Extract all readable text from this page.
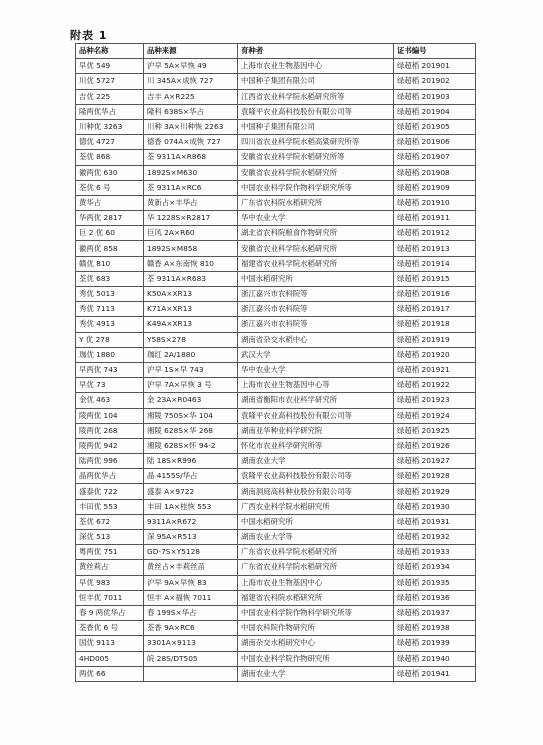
附表 1
品种名称	品种来源	育种者	证书编号
早优 549	沪早 5A×早恢 49	上海市农业生物基因中心	绿超稻 201901
川优 5727	川 345A×成恢 727	中国种子集团有限公司	绿超稻 201902
吉优 225	吉丰 A×R225	江西省农业科学院水稻研究所等	绿超稻 201903
隆两优华占	隆科 638S×华占	袁隆平农业高科技股份有限公司等	绿超稻 201904
川种优 3263	川种 3A×川种恢 2263	中国种子集团有限公司	绿超稻 201905
德优 4727	德香 074A×成恢 727	四川省农业科学院水稻高粱研究所等	绿超稻 201906
荃优 868	荃 9311A×R868	安徽省农业科学院水稻研究所等	绿超稻 201907
徽两优 630	1892S×M630	安徽省农业科学院水稻研究所	绿超稻 201908
荃优 6 号	荃 9311A×RC6	中国农业科学院作物科学研究所等	绿超稻 201909
黄华占	黄新占×丰华占	广东省农科院水稻研究所	绿超稻 201910
华两优 2817	华 1228S×R2817	华中农业大学	绿超稻 201911
巨 2 优 60	巨风 2A×R60	湖北省农科院粮食作物研究所	绿超稻 201912
徽两优 858	1892S×M858	安徽省农业科学院水稻研究所	绿超稻 201913
赣优 810	赣香 A×东南恢 810	福建省农业科学院水稻研究所	绿超稻 201914
荃优 683	荃 9311A×R683	中国水稻研究所	绿超稻 201915
秀优 5013	K50A×XR13	浙江嘉兴市农科院等	绿超稻 201916
秀优 7113	K71A×XR13	浙江嘉兴市农科院等	绿超稻 201917
秀优 4913	K49A×XR13	浙江嘉兴市农科院等	绿超稻 201918
Y 优 278	Y58S×278	湖南省杂交水稻中心	绿超稻 201919
珈优 1880	珈红 2A/1880	武汉大学	绿超稻 201920
早两优 743	沪早 1S×早 743	华中农业大学	绿超稻 201921
早优 73	沪早 7A×早恢 3 号	上海市农业生物基因中心等	绿超稻 201922
金优 463	金 23A×R0463	湖南省衡阳市农业科学研究所	绿超稻 201923
陵两优 104	湘陵 750S×华 104	袁隆平农业高科技股份有限公司等	绿超稻 201924
陵两优 268	湘陵 628S×华 268	湖南亚华种业科学研究院	绿超稻 201925
陵两优 942	湘陵 628S×怀 94-2	怀化市农业科学研究所等	绿超稻 201926
陆两优 996	陆 18S×R996	湖南农业大学	绿超稻 201927
晶两优华占	晶 4155S/华占	袁隆平农业高科技股份有限公司等	绿超稻 201928
盛泰优 722	盛泰 A×9722	湖南洞庭高科种业股份有限公司等	绿超稻 201929
丰田优 553	丰田 1A×桂恢 553	广西农业科学院水稻研究所	绿超稻 201930
荃优 672	9311A×R672	中国水稻研究所	绿超稻 201931
深优 513	深 95A×R513	湖南农业大学等	绿超稻 201932
粤两优 751	GD-7S×Y5128	广东省农业科学院水稻研究所	绿超稻 201933
黄丝莉占	黄丝占×丰莉丝苗	广东省农业科学院水稻研究所	绿超稻 201934
早优 983	沪早 9A×早恢 83	上海市农业生物基因中心	绿超稻 201935
恒丰优 7011	恒丰 A×福恢 7011	福建省农科院水稻研究所	绿超稻 201936
春 9 两优华占	春 199S×华占	中国农业科学院作物科学研究所等	绿超稻 201937
荃香优 6 号	荃香 9A×RC6	中国农科院作物研究所	绿超稻 201938
国优 9113	3301A×9113	湖南杂交水稻研究中心	绿超稻 201939
4HD005	皖 28S/DT505	中国农业科学院作物研究所	绿超稻 201940
两优 66		湖南农业大学	绿超稻 201941
